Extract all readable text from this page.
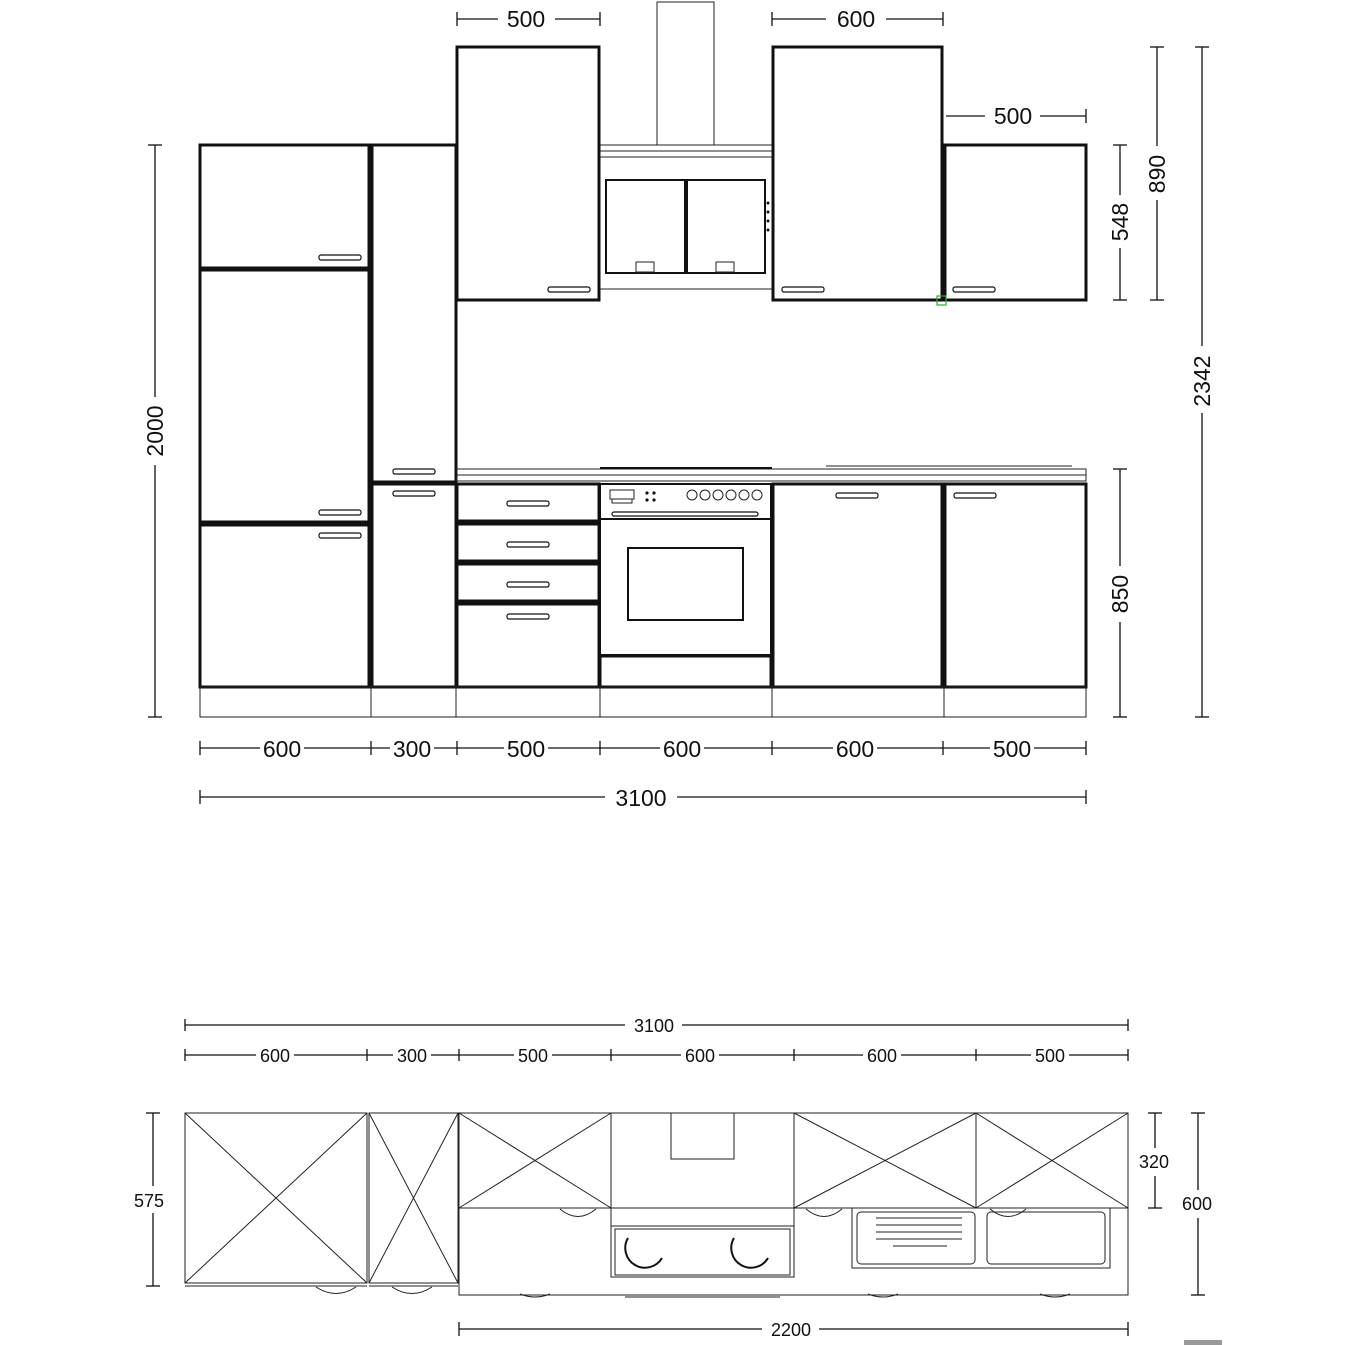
500	600
500
2000
548
890
2342
850
600	300	500	600	600	500
3100
3100
600	300	500	600	600	500
575
320
600
2200
